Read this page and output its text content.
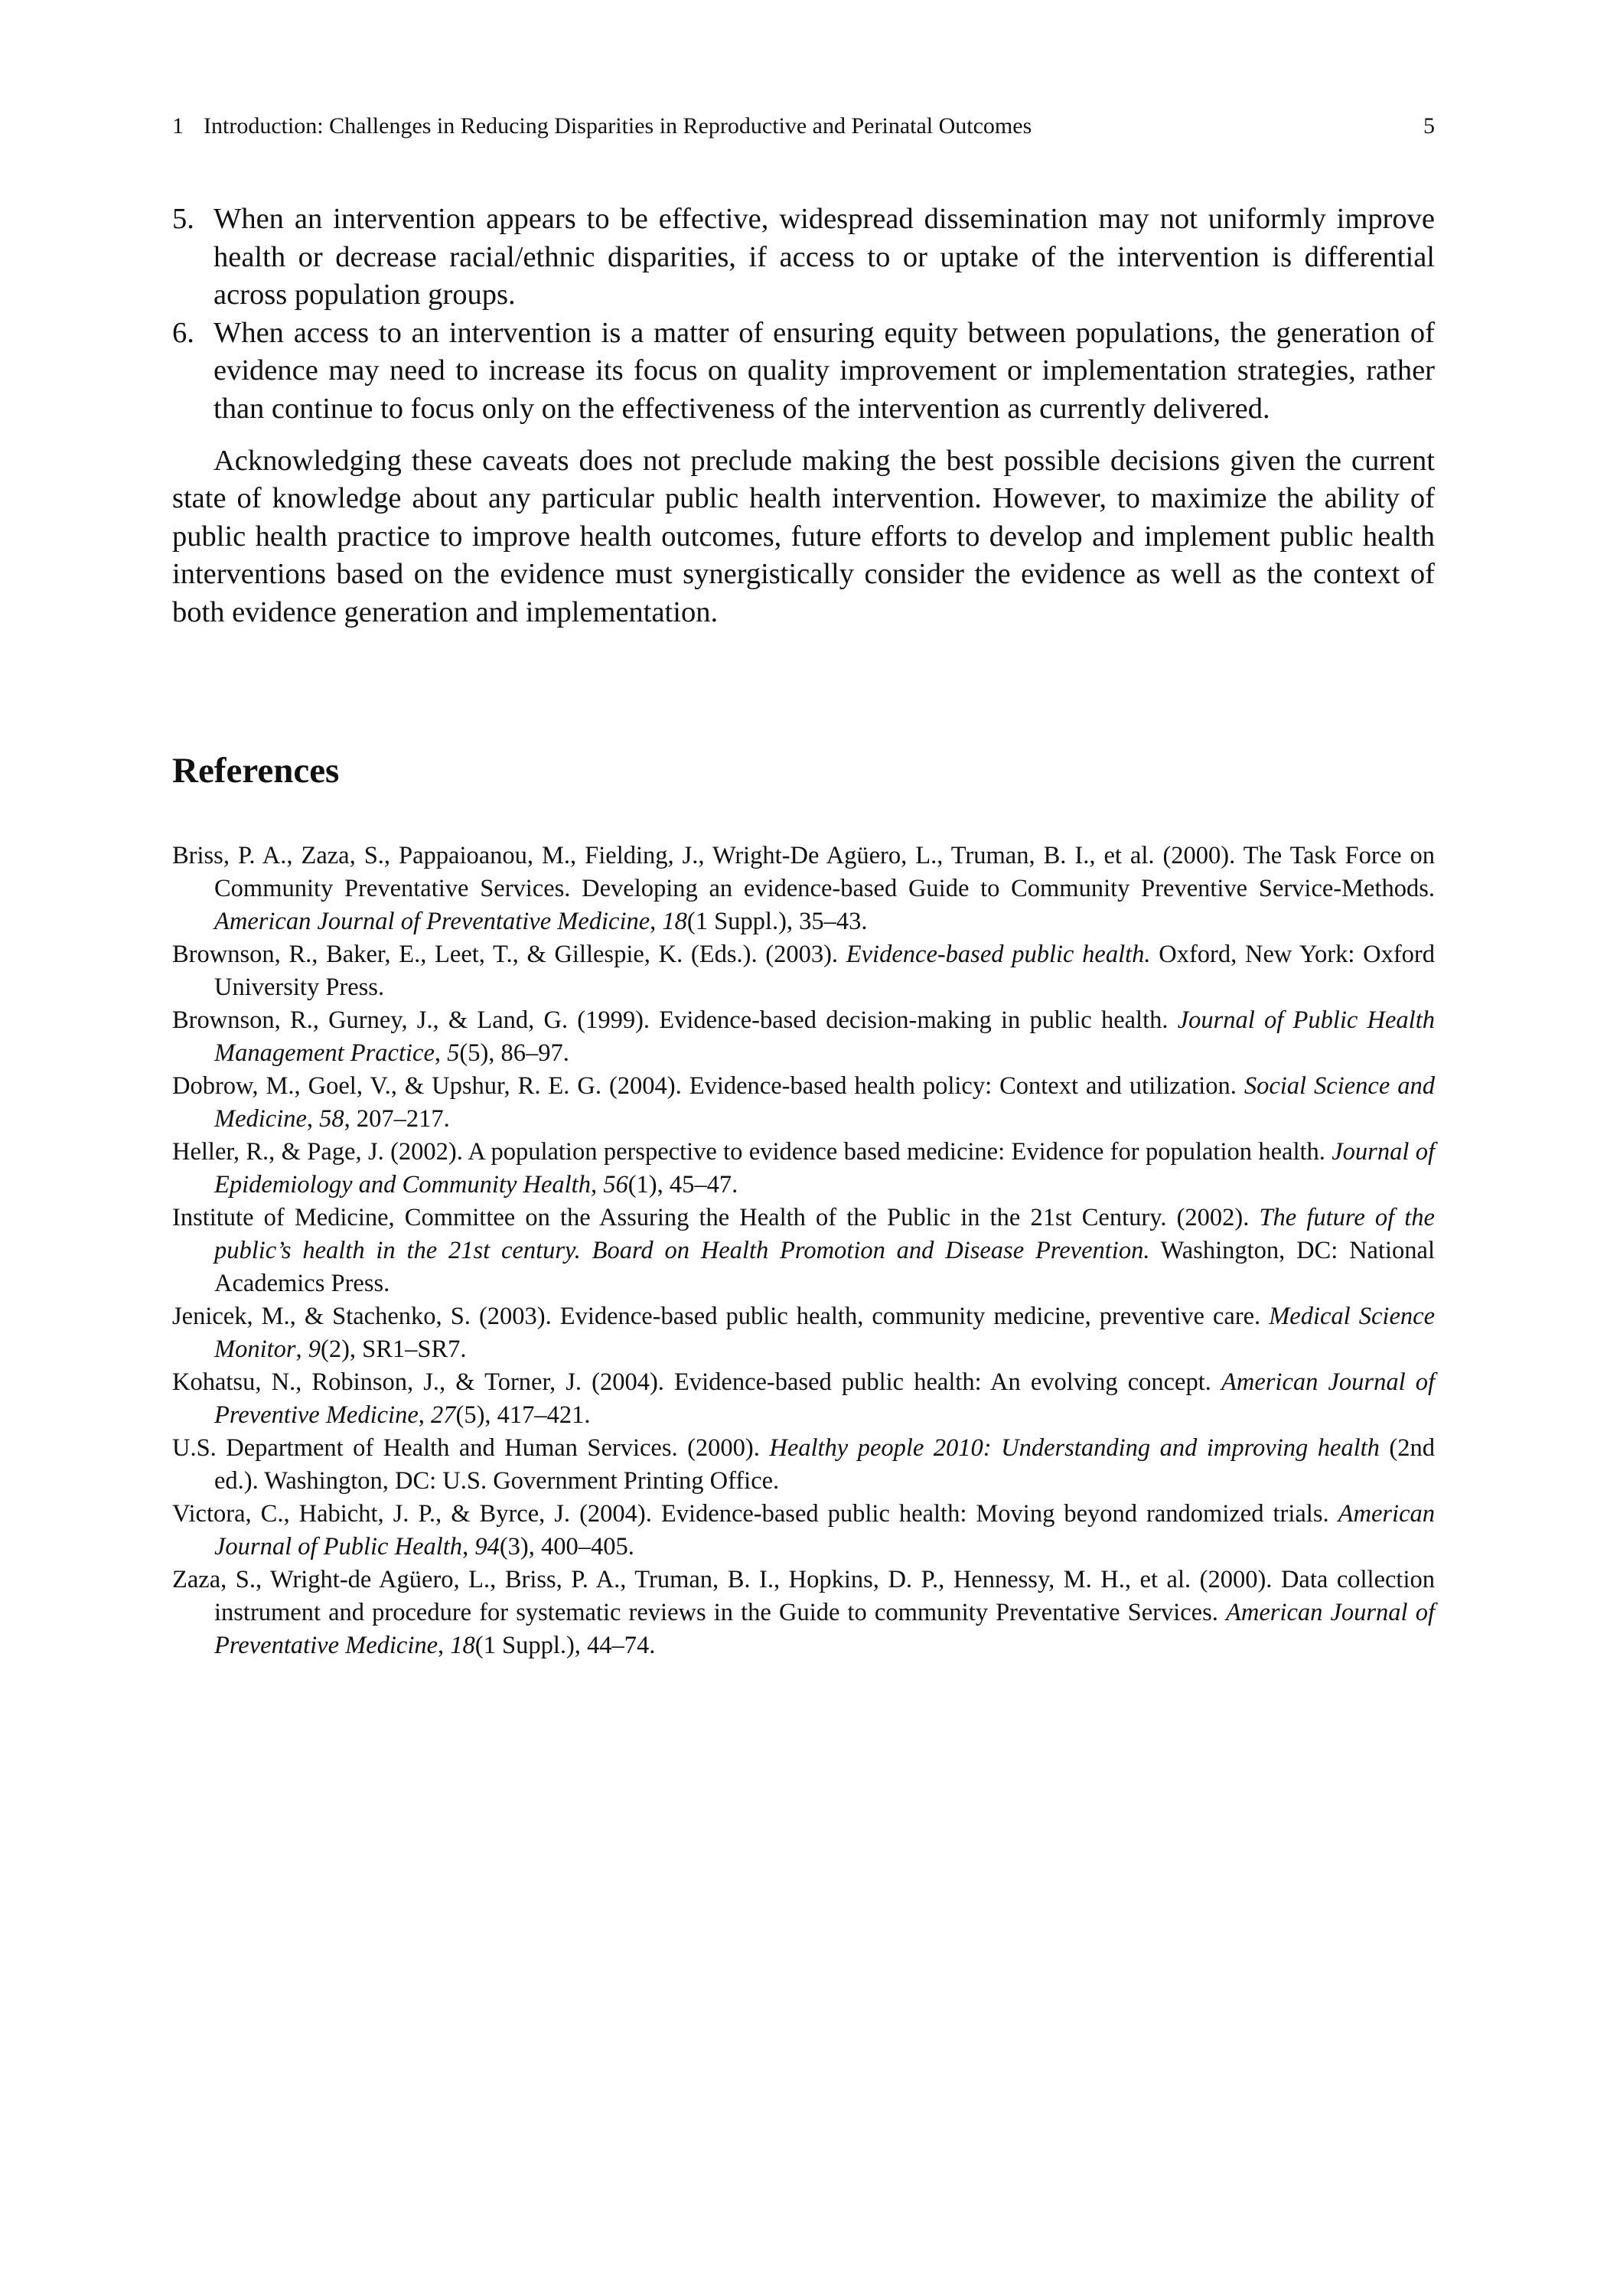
1 Introduction: Challenges in Reducing Disparities in Reproductive and Perinatal Outcomes	5
5. When an intervention appears to be effective, widespread dissemination may not uniformly improve health or decrease racial/ethnic disparities, if access to or uptake of the intervention is differential across population groups.
6. When access to an intervention is a matter of ensuring equity between populations, the generation of evidence may need to increase its focus on quality improvement or implementation strategies, rather than continue to focus only on the effectiveness of the intervention as currently delivered.

Acknowledging these caveats does not preclude making the best possible decisions given the current state of knowledge about any particular public health intervention. However, to maximize the ability of public health practice to improve health outcomes, future efforts to develop and implement public health interventions based on the evidence must synergistically consider the evidence as well as the context of both evidence generation and implementation.

References
Briss, P. A., Zaza, S., Pappaioanou, M., Fielding, J., Wright-De Agüero, L., Truman, B. I., et al. (2000). The Task Force on Community Preventative Services. Developing an evidence-based Guide to Community Preventive Service-Methods. American Journal of Preventative Medicine, 18(1 Suppl.), 35–43.
Brownson, R., Baker, E., Leet, T., & Gillespie, K. (Eds.). (2003). Evidence-based public health. Oxford, New York: Oxford University Press.
Brownson, R., Gurney, J., & Land, G. (1999). Evidence-based decision-making in public health. Journal of Public Health Management Practice, 5(5), 86–97.
Dobrow, M., Goel, V., & Upshur, R. E. G. (2004). Evidence-based health policy: Context and utilization. Social Science and Medicine, 58, 207–217.
Heller, R., & Page, J. (2002). A population perspective to evidence based medicine: Evidence for population health. Journal of Epidemiology and Community Health, 56(1), 45–47.
Institute of Medicine, Committee on the Assuring the Health of the Public in the 21st Century. (2002). The future of the public’s health in the 21st century. Board on Health Promotion and Disease Prevention. Washington, DC: National Academics Press.
Jenicek, M., & Stachenko, S. (2003). Evidence-based public health, community medicine, preventive care. Medical Science Monitor, 9(2), SR1–SR7.
Kohatsu, N., Robinson, J., & Torner, J. (2004). Evidence-based public health: An evolving concept. American Journal of Preventive Medicine, 27(5), 417–421.
U.S. Department of Health and Human Services. (2000). Healthy people 2010: Understanding and improving health (2nd ed.). Washington, DC: U.S. Government Printing Office.
Victora, C., Habicht, J. P., & Byrce, J. (2004). Evidence-based public health: Moving beyond randomized trials. American Journal of Public Health, 94(3), 400–405.
Zaza, S., Wright-de Agüero, L., Briss, P. A., Truman, B. I., Hopkins, D. P., Hennessy, M. H., et al. (2000). Data collection instrument and procedure for systematic reviews in the Guide to community Preventative Services. American Journal of Preventative Medicine, 18(1 Suppl.), 44–74.
